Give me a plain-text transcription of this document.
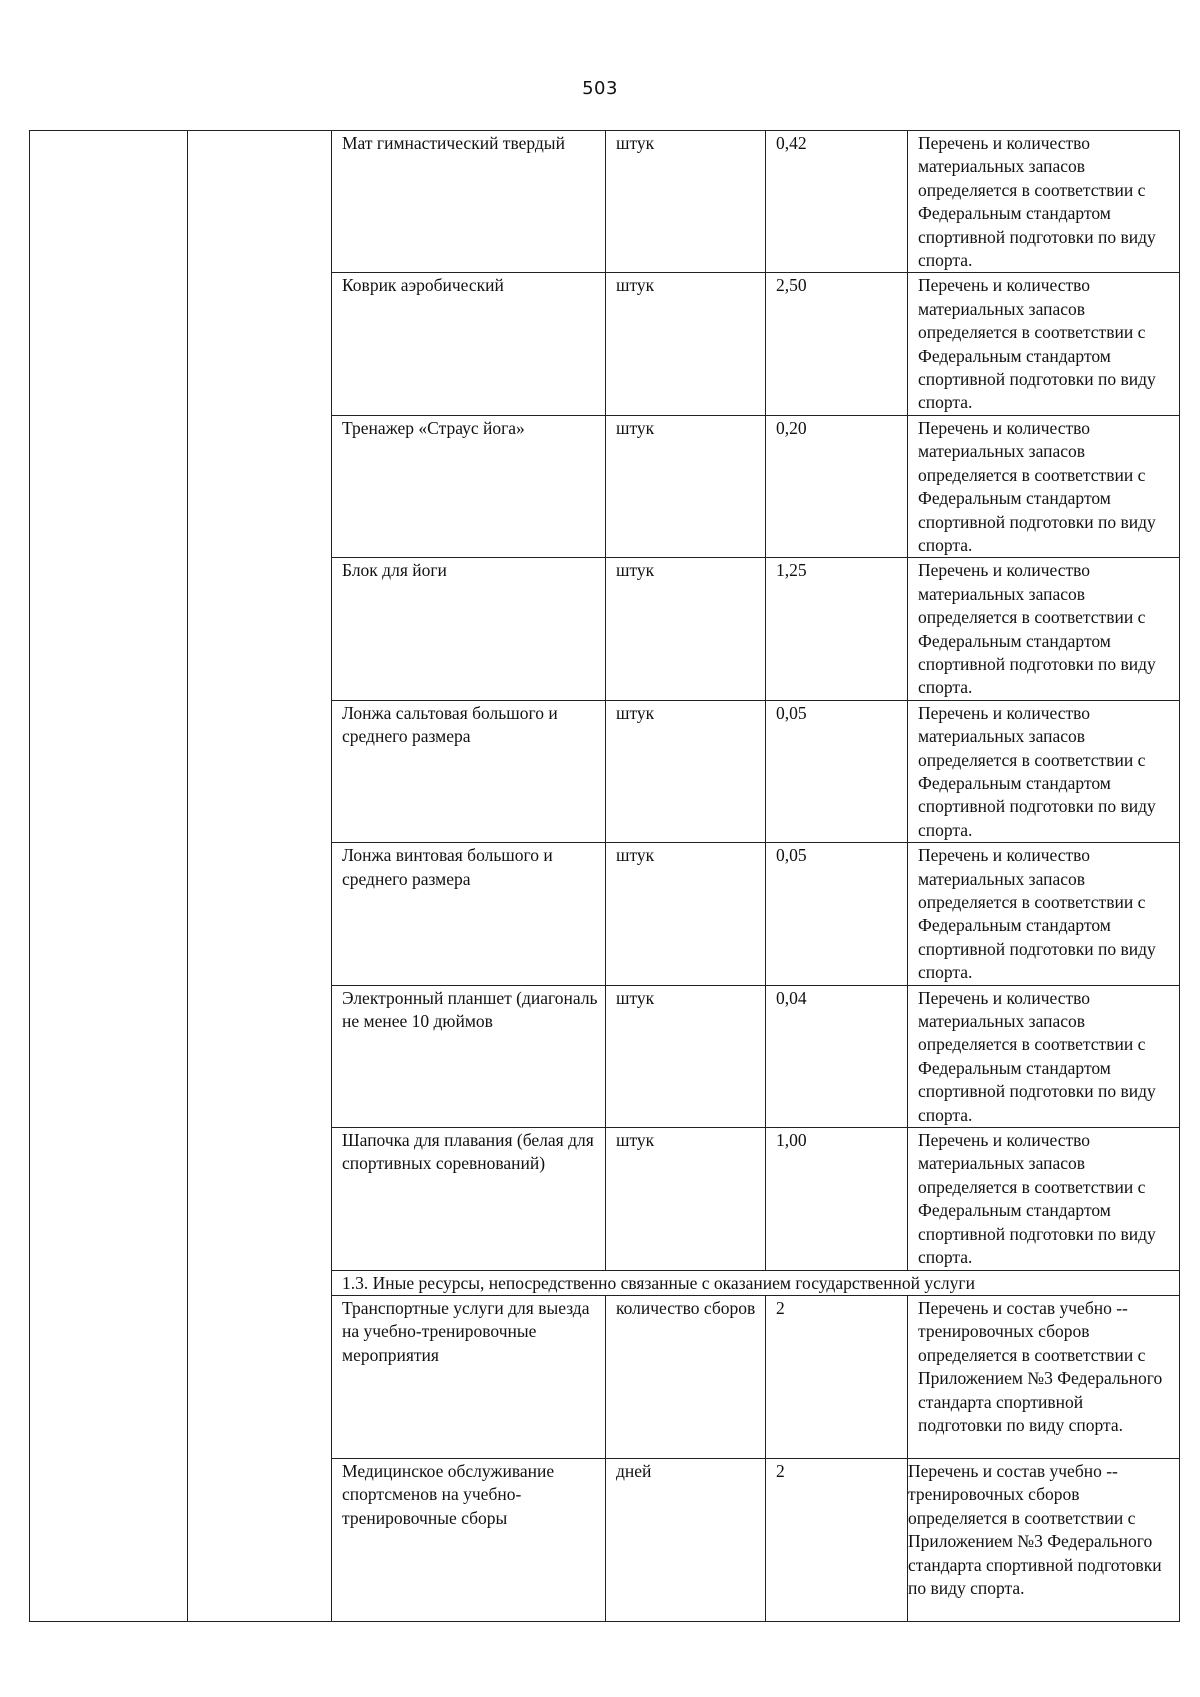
503
		Мат гимнастический твердый	штук	0,42	Перечень и количество материальных запасов определяется в соответствии с Федеральным стандартом спортивной подготовки по виду спорта.
		Коврик аэробический	штук	2,50	Перечень и количество материальных запасов определяется в соответствии с Федеральным стандартом спортивной подготовки по виду спорта.
		Тренажер «Страус йога»	штук	0,20	Перечень и количество материальных запасов определяется в соответствии с Федеральным стандартом спортивной подготовки по виду спорта.
		Блок для йоги	штук	1,25	Перечень и количество материальных запасов определяется в соответствии с Федеральным стандартом спортивной подготовки по виду спорта.
		Лонжа сальтовая большого и среднего размера	штук	0,05	Перечень и количество материальных запасов определяется в соответствии с Федеральным стандартом спортивной подготовки по виду спорта.
		Лонжа винтовая большого и среднего размера	штук	0,05	Перечень и количество материальных запасов определяется в соответствии с Федеральным стандартом спортивной подготовки по виду спорта.
		Электронный планшет (диагональ не менее 10 дюймов	штук	0,04	Перечень и количество материальных запасов определяется в соответствии с Федеральным стандартом спортивной подготовки по виду спорта.
		Шапочка для плавания (белая для спортивных соревнований)	штук	1,00	Перечень и количество материальных запасов определяется в соответствии с Федеральным стандартом спортивной подготовки по виду спорта.
		1.3. Иные ресурсы, непосредственно связанные с оказанием государственной услуги			
		Транспортные услуги для выезда на учебно-тренировочные мероприятия	количество сборов	2	Перечень и состав учебно -- тренировочных сборов определяется в соответствии с Приложением №3 Федерального стандарта спортивной подготовки по виду спорта.
		Медицинское обслуживание спортсменов на учебно-тренировочные сборы	дней	2	Перечень и состав учебно -- тренировочных сборов определяется в соответствии с Приложением №3 Федерального стандарта спортивной подготовки по виду спорта.
